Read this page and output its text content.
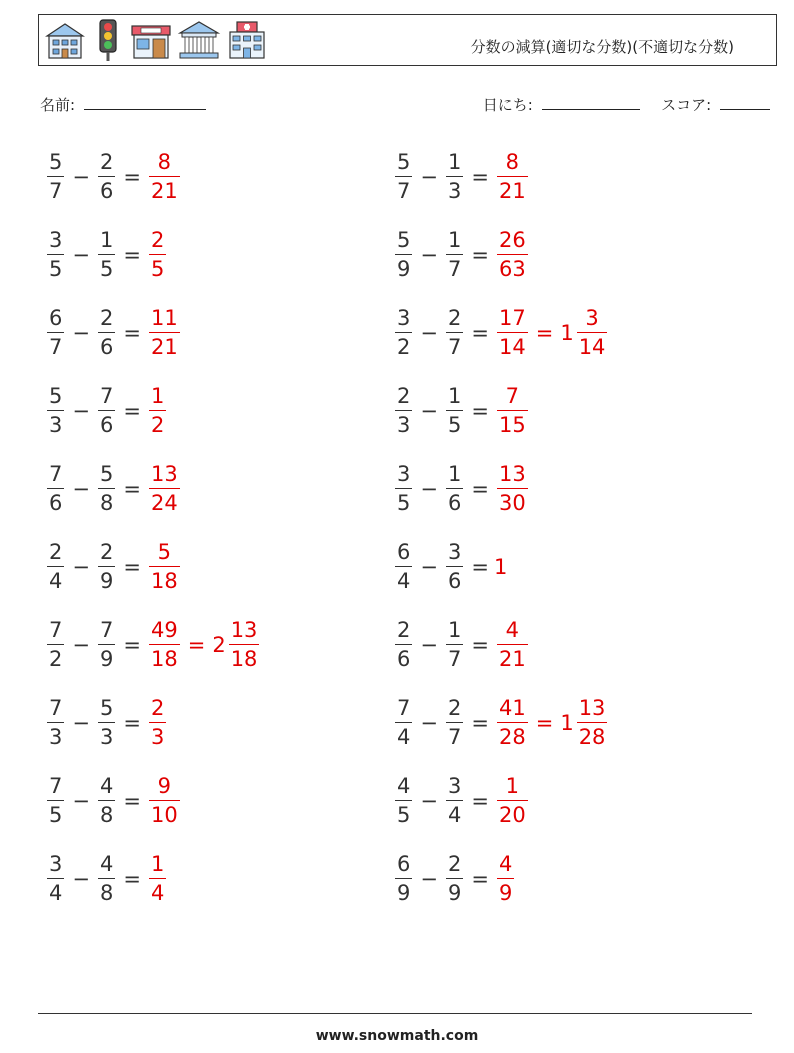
分数の減算(適切な分数)(不適切な分数)
名前:	日にち:	スコア:
$\frac{5}{7} - \frac{2}{6} = \frac{8}{21}$
$\frac{3}{5} - \frac{1}{5} = \frac{2}{5}$
$\frac{6}{7} - \frac{2}{6} = \frac{11}{21}$
$\frac{5}{3} - \frac{7}{6} = \frac{1}{2}$
$\frac{7}{6} - \frac{5}{8} = \frac{13}{24}$
$\frac{2}{4} - \frac{2}{9} = \frac{5}{18}$
$\frac{7}{2} - \frac{7}{9} = \frac{49}{18} = 2 \frac{13}{18}$
$\frac{7}{3} - \frac{5}{3} = \frac{2}{3}$
$\frac{7}{5} - \frac{4}{8} = \frac{9}{10}$
$\frac{3}{4} - \frac{4}{8} = \frac{1}{4}$
$\frac{5}{7} - \frac{1}{3} = \frac{8}{21}$
$\frac{5}{9} - \frac{1}{7} = \frac{26}{63}$
$\frac{3}{2} - \frac{2}{7} = \frac{17}{14} = 1 \frac{3}{14}$
$\frac{2}{3} - \frac{1}{5} = \frac{7}{15}$
$\frac{3}{5} - \frac{1}{6} = \frac{13}{30}$
$\frac{6}{4} - \frac{3}{6} = 1$
$\frac{2}{6} - \frac{1}{7} = \frac{4}{21}$
$\frac{7}{4} - \frac{2}{7} = \frac{41}{28} = 1 \frac{13}{28}$
$\frac{4}{5} - \frac{3}{4} = \frac{1}{20}$
$\frac{6}{9} - \frac{2}{9} = \frac{4}{9}$
www.snowmath.com
